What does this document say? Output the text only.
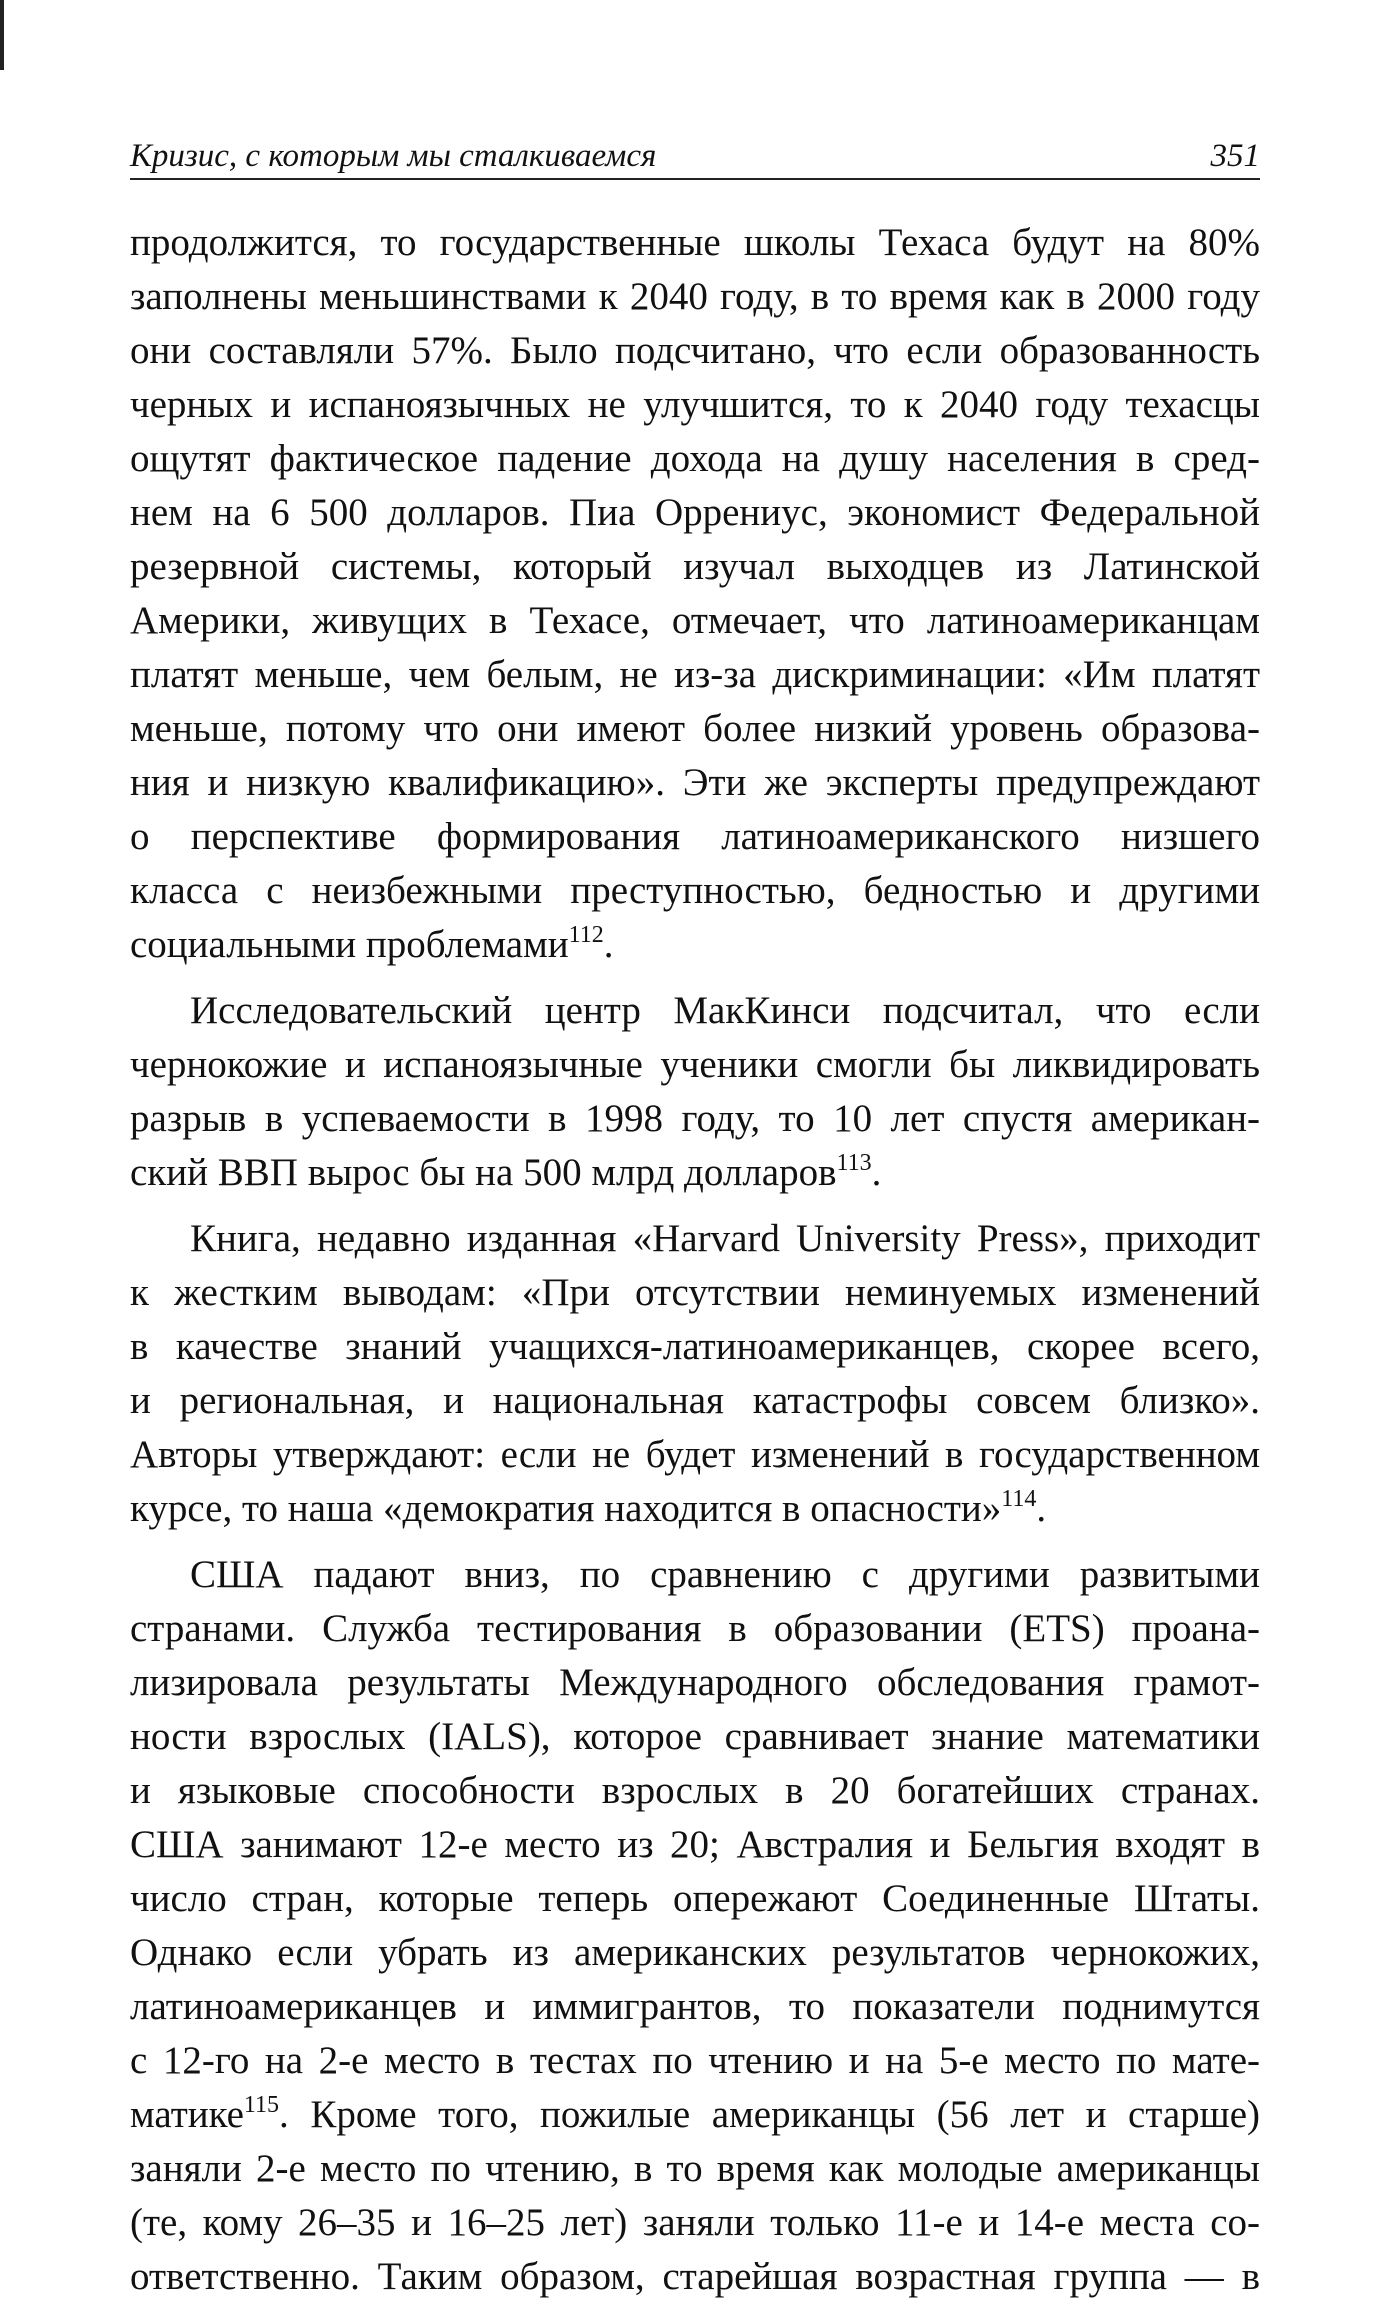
Кризис, с которым мы сталкиваемся	351
продолжится, то государственные школы Техаса будут на 80%
заполнены меньшинствами к 2040 году, в то время как в 2000 году
они составляли 57%. Было подсчитано, что если образованность
черных и испаноязычных не улучшится, то к 2040 году техасцы
ощутят фактическое падение дохода на душу населения в сред-
нем на 6 500 долларов. Пиа Оррениус, экономист Федеральной
резервной системы, который изучал выходцев из Латинской
Америки, живущих в Техасе, отмечает, что латиноамериканцам
платят меньше, чем белым, не из-за дискриминации: «Им платят
меньше, потому что они имеют более низкий уровень образова-
ния и низкую квалификацию». Эти же эксперты предупреждают
о перспективе формирования латиноамериканского низшего
класса с неизбежными преступностью, бедностью и другими
социальными проблемами$^{112}$.
Исследовательский центр МакКинси подсчитал, что если
чернокожие и испаноязычные ученики смогли бы ликвидировать
разрыв в успеваемости в 1998 году, то 10 лет спустя американ-
ский ВВП вырос бы на 500 млрд долларов$^{113}$.
Книга, недавно изданная «Harvard University Press», приходит
к жестким выводам: «При отсутствии неминуемых изменений
в качестве знаний учащихся-латиноамериканцев, скорее всего,
и региональная, и национальная катастрофы совсем близко».
Авторы утверждают: если не будет изменений в государственном
курсе, то наша «демократия находится в опасности»$^{114}$.
США падают вниз, по сравнению с другими развитыми
странами. Служба тестирования в образовании (ETS) проана-
лизировала результаты Международного обследования грамот-
ности взрослых (IALS), которое сравнивает знание математики
и языковые способности взрослых в 20 богатейших странах.
США занимают 12-е место из 20; Австралия и Бельгия входят в
число стран, которые теперь опережают Соединенные Штаты.
Однако если убрать из американских результатов чернокожих,
латиноамериканцев и иммигрантов, то показатели поднимутся
с 12-го на 2-е место в тестах по чтению и на 5-е место по мате-
матике$^{115}$. Кроме того, пожилые американцы (56 лет и старше)
заняли 2-е место по чтению, в то время как молодые американцы
(те, кому 26–35 и 16–25 лет) заняли только 11-е и 14-е места со-
ответственно. Таким образом, старейшая возрастная группа — в
